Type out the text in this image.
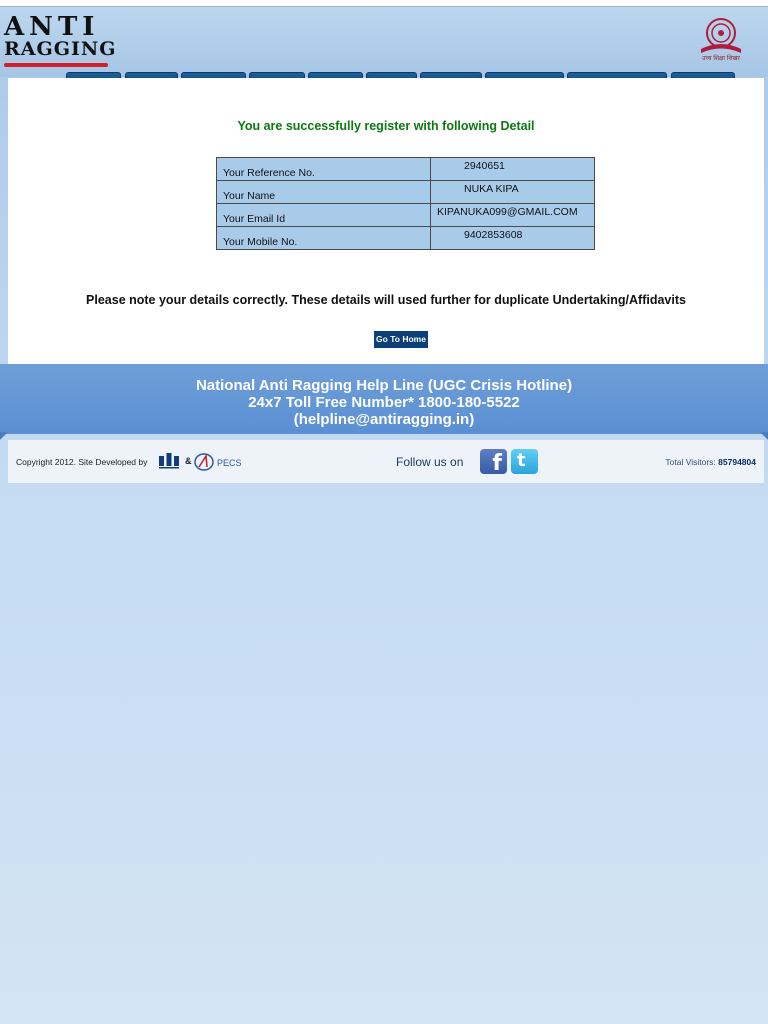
ANTI
RAGGING	उच्च शिक्षा शिखर
You are successfully register with following Detail
Your Reference No.	2940651
Your Name	NUKA KIPA
Your Email Id	KIPANUKA099@GMAIL.COM
Your Mobile No.	9402853608
Please note your details correctly. These details will used further for duplicate Undertaking/Affidavits
Go To Home
National Anti Ragging Help Line (UGC Crisis Hotline)
24x7 Toll Free Number* 1800-180-5522
(helpline@antiragging.in)
Copyright 2012. Site Developed by	&	PECS	Follow us on f t	Total Visitors: 85794804
